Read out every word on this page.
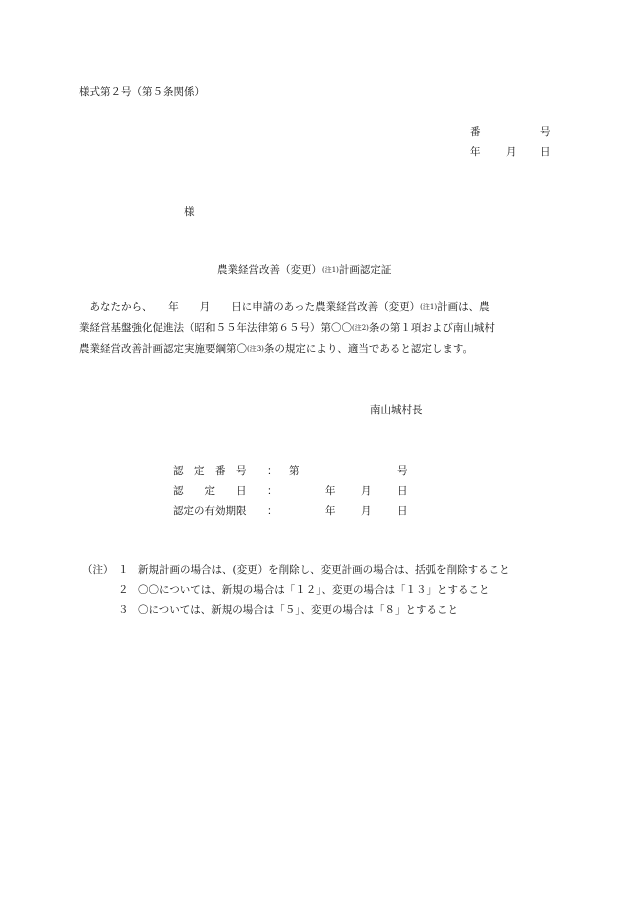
様式第２号（第５条関係）
番	号
年 月 日
様
農業経営改善（変更）(注1)計画認定証
　あなたから、　　年　　月　　日に申請のあった農業経営改善（変更）(注1)計画は、農
業経営基盤強化促進法（昭和５５年法律第６５号）第〇〇(注2)条の第１項および南山城村
農業経営改善計画認定実施要綱第〇(注3)条の規定により、適当であると認定します。
南山城村長
認　定　番　号 ： 第	号
認　　定　　日 ：	年 月 日
認定の有効期限 ：	年 月 日
（注） １ 新規計画の場合は、(変更）を削除し、変更計画の場合は、括弧を削除すること
２ 〇〇については、新規の場合は「１２」、変更の場合は「１３」とすること
３ 〇については、新規の場合は「５」、変更の場合は「８」とすること
